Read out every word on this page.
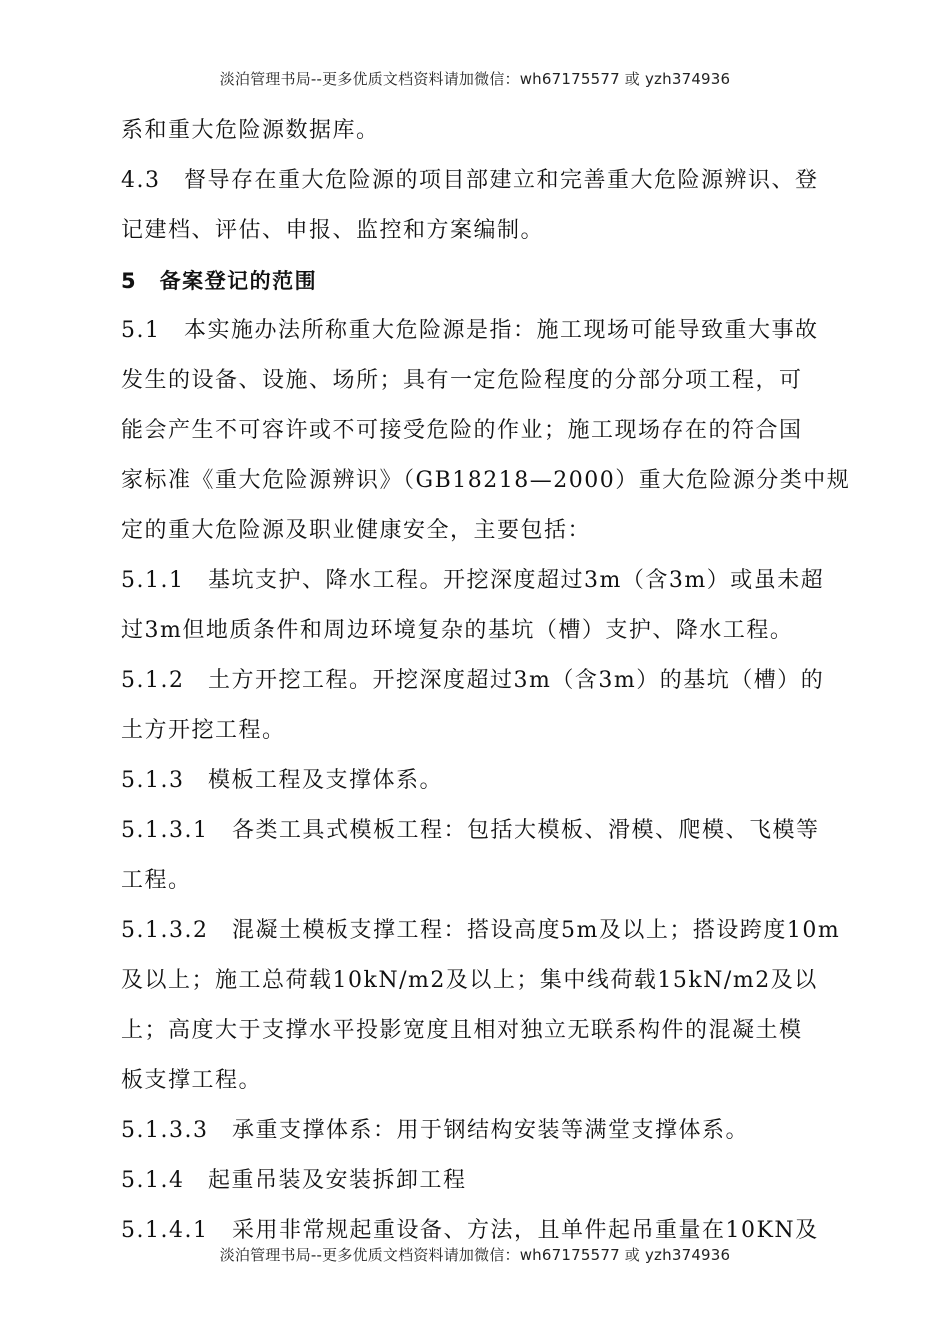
淡泊管理书局--更多优质文档资料请加微信：wh67175577 或 yzh374936
系和重大危险源数据库。
4.3　督导存在重大危险源的项目部建立和完善重大危险源辨识、登
记建档、评估、申报、监控和方案编制。
5　备案登记的范围
5.1　本实施办法所称重大危险源是指：施工现场可能导致重大事故
发生的设备、设施、场所；具有一定危险程度的分部分项工程，可
能会产生不可容许或不可接受危险的作业；施工现场存在的符合国
家标准《重大危险源辨识》（GB18218—2000）重大危险源分类中规
定的重大危险源及职业健康安全，主要包括：
5.1.1　基坑支护、降水工程。开挖深度超过3m（含3m）或虽未超
过3m但地质条件和周边环境复杂的基坑（槽）支护、降水工程。
5.1.2　土方开挖工程。开挖深度超过3m（含3m）的基坑（槽）的
土方开挖工程。
5.1.3　模板工程及支撑体系。
5.1.3.1　各类工具式模板工程：包括大模板、滑模、爬模、飞模等
工程。
5.1.3.2　混凝土模板支撑工程：搭设高度5m及以上；搭设跨度10m
及以上；施工总荷载10kN/m2及以上；集中线荷载15kN/m2及以
上；高度大于支撑水平投影宽度且相对独立无联系构件的混凝土模
板支撑工程。
5.1.3.3　承重支撑体系：用于钢结构安装等满堂支撑体系。
5.1.4　起重吊装及安装拆卸工程
5.1.4.1　采用非常规起重设备、方法，且单件起吊重量在10KN及
淡泊管理书局--更多优质文档资料请加微信：wh67175577 或 yzh374936
